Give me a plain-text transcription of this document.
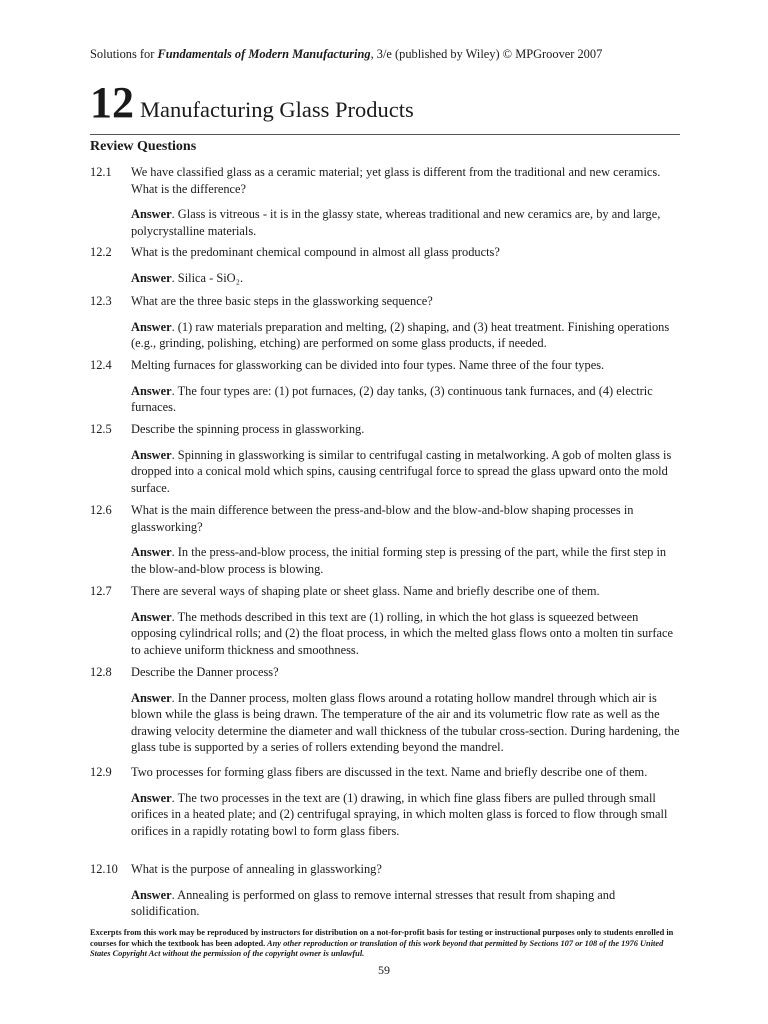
Solutions for Fundamentals of Modern Manufacturing, 3/e (published by Wiley) © MPGroover 2007
12 Manufacturing Glass Products
Review Questions
12.1	We have classified glass as a ceramic material; yet glass is different from the traditional and new ceramics. What is the difference?
Answer. Glass is vitreous - it is in the glassy state, whereas traditional and new ceramics are, by and large, polycrystalline materials.
12.2	What is the predominant chemical compound in almost all glass products?
Answer. Silica - SiO₂.
12.3	What are the three basic steps in the glassworking sequence?
Answer. (1) raw materials preparation and melting, (2) shaping, and (3) heat treatment. Finishing operations (e.g., grinding, polishing, etching) are performed on some glass products, if needed.
12.4	Melting furnaces for glassworking can be divided into four types. Name three of the four types.
Answer. The four types are: (1) pot furnaces, (2) day tanks, (3) continuous tank furnaces, and (4) electric furnaces.
12.5	Describe the spinning process in glassworking.
Answer. Spinning in glassworking is similar to centrifugal casting in metalworking. A gob of molten glass is dropped into a conical mold which spins, causing centrifugal force to spread the glass upward onto the mold surface.
12.6	What is the main difference between the press-and-blow and the blow-and-blow shaping processes in glassworking?
Answer. In the press-and-blow process, the initial forming step is pressing of the part, while the first step in the blow-and-blow process is blowing.
12.7	There are several ways of shaping plate or sheet glass. Name and briefly describe one of them.
Answer. The methods described in this text are (1) rolling, in which the hot glass is squeezed between opposing cylindrical rolls; and (2) the float process, in which the melted glass flows onto a molten tin surface to achieve uniform thickness and smoothness.
12.8	Describe the Danner process?
Answer. In the Danner process, molten glass flows around a rotating hollow mandrel through which air is blown while the glass is being drawn. The temperature of the air and its volumetric flow rate as well as the drawing velocity determine the diameter and wall thickness of the tubular cross-section. During hardening, the glass tube is supported by a series of rollers extending beyond the mandrel.
12.9	Two processes for forming glass fibers are discussed in the text. Name and briefly describe one of them.
Answer. The two processes in the text are (1) drawing, in which fine glass fibers are pulled through small orifices in a heated plate; and (2) centrifugal spraying, in which molten glass is forced to flow through small orifices in a rapidly rotating bowl to form glass fibers.
12.10	What is the purpose of annealing in glassworking?
Answer. Annealing is performed on glass to remove internal stresses that result from shaping and solidification.
Excerpts from this work may be reproduced by instructors for distribution on a not-for-profit basis for testing or instructional purposes only to students enrolled in courses for which the textbook has been adopted. Any other reproduction or translation of this work beyond that permitted by Sections 107 or 108 of the 1976 United States Copyright Act without the permission of the copyright owner is unlawful.
59
